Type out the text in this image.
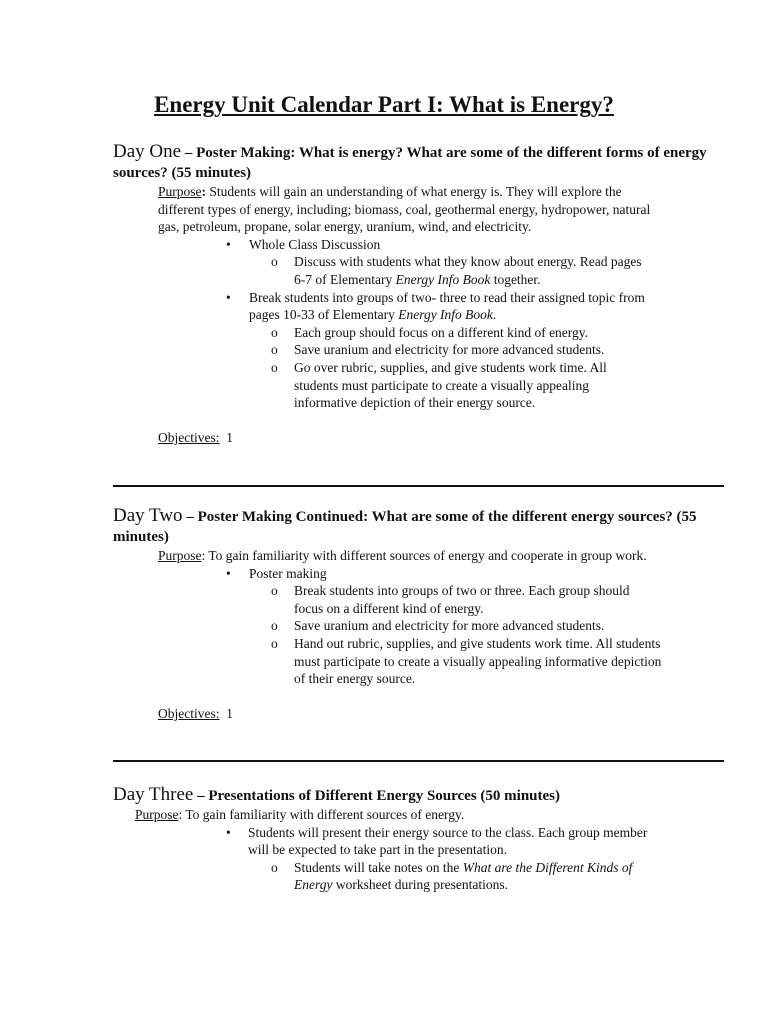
Energy Unit Calendar Part I: What is Energy?

Day One – Poster Making: What is energy? What are some of the different forms of energy sources? (55 minutes)

Purpose: Students will gain an understanding of what energy is. They will explore the different types of energy, including; biomass, coal, geothermal energy, hydropower, natural gas, petroleum, propane, solar energy, uranium, wind, and electricity.

• Whole Class Discussion
o Discuss with students what they know about energy. Read pages 6-7 of Elementary Energy Info Book together.
• Break students into groups of two- three to read their assigned topic from pages 10-33 of Elementary Energy Info Book.
o Each group should focus on a different kind of energy.
o Save uranium and electricity for more advanced students.
o Go over rubric, supplies, and give students work time. All students must participate to create a visually appealing informative depiction of their energy source.
Objectives: 1

Day Two – Poster Making Continued: What are some of the different energy sources? (55 minutes)

Purpose: To gain familiarity with different sources of energy and cooperate in group work.

• Poster making
o Break students into groups of two or three. Each group should focus on a different kind of energy.
o Save uranium and electricity for more advanced students.
o Hand out rubric, supplies, and give students work time. All students must participate to create a visually appealing informative depiction of their energy source.
Objectives: 1

Day Three – Presentations of Different Energy Sources (50 minutes)

Purpose: To gain familiarity with different sources of energy.

• Students will present their energy source to the class. Each group member will be expected to take part in the presentation.
o Students will take notes on the What are the Different Kinds of Energy worksheet during presentations.
